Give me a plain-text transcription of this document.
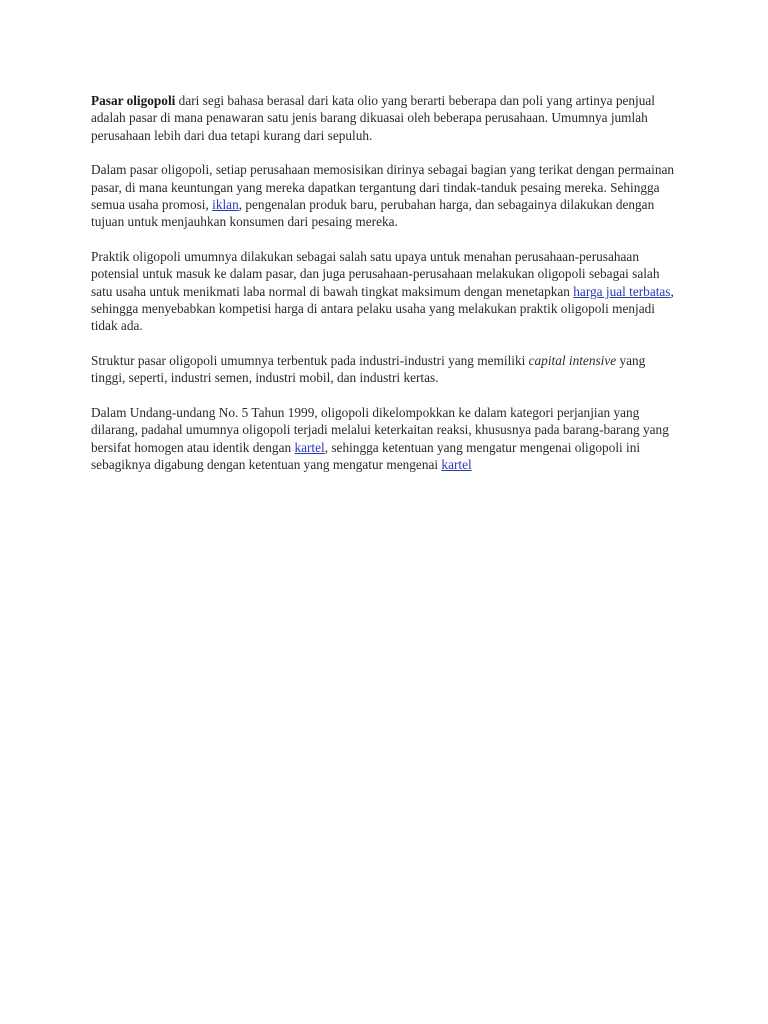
Pasar oligopoli dari segi bahasa berasal dari kata olio yang berarti beberapa dan poli yang artinya penjual adalah pasar di mana penawaran satu jenis barang dikuasai oleh beberapa perusahaan. Umumnya jumlah perusahaan lebih dari dua tetapi kurang dari sepuluh.

Dalam pasar oligopoli, setiap perusahaan memosisikan dirinya sebagai bagian yang terikat dengan permainan pasar, di mana keuntungan yang mereka dapatkan tergantung dari tindak-tanduk pesaing mereka. Sehingga semua usaha promosi, iklan, pengenalan produk baru, perubahan harga, dan sebagainya dilakukan dengan tujuan untuk menjauhkan konsumen dari pesaing mereka.

Praktik oligopoli umumnya dilakukan sebagai salah satu upaya untuk menahan perusahaan-perusahaan potensial untuk masuk ke dalam pasar, dan juga perusahaan-perusahaan melakukan oligopoli sebagai salah satu usaha untuk menikmati laba normal di bawah tingkat maksimum dengan menetapkan harga jual terbatas, sehingga menyebabkan kompetisi harga di antara pelaku usaha yang melakukan praktik oligopoli menjadi tidak ada.

Struktur pasar oligopoli umumnya terbentuk pada industri-industri yang memiliki capital intensive yang tinggi, seperti, industri semen, industri mobil, dan industri kertas.

Dalam Undang-undang No. 5 Tahun 1999, oligopoli dikelompokkan ke dalam kategori perjanjian yang dilarang, padahal umumnya oligopoli terjadi melalui keterkaitan reaksi, khususnya pada barang-barang yang bersifat homogen atau identik dengan kartel, sehingga ketentuan yang mengatur mengenai oligopoli ini sebagiknya digabung dengan ketentuan yang mengatur mengenai kartel
